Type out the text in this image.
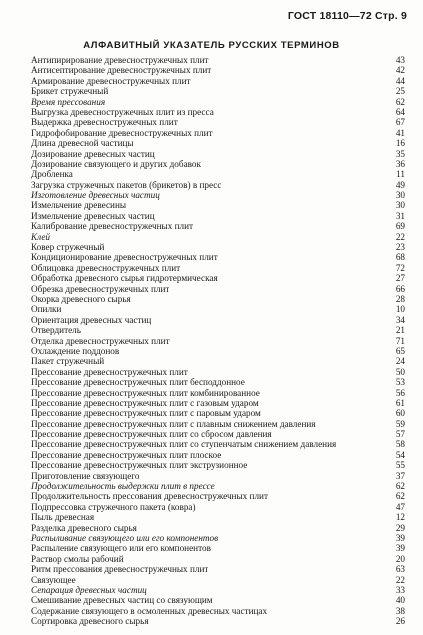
ГОСТ 18110—72 Стр. 9
АЛФАВИТНЫЙ УКАЗАТЕЛЬ РУССКИХ ТЕРМИНОВ
Антипирирование древесностружечных плит	43
Антисептирование древесностружечных плит	42
Армирование древесностружечных плит	44
Брикет стружечный	25
Время прессования	62
Выгрузка древесностружечных плит из пресса	64
Выдержка древесностружечных плит	67
Гидрофобирование древесностружечных плит	41
Длина древесной частицы	16
Дозирование древесных частиц	35
Дозирование связующего и других добавок	36
Дробленка	11
Загрузка стружечных пакетов (брикетов) в пресс	49
Изготовление древесных частиц	30
Измельчение древесины	30
Измельчение древесных частиц	31
Калибрование древесностружечных плит	69
Клей	22
Ковер стружечный	23
Кондиционирование древесностружечных плит	68
Облицовка древесностружечных плит	72
Обработка древесного сырья гидротермическая	27
Обрезка древесностружечных плит	66
Окорка древесного сырья	28
Опилки	10
Ориентация древесных частиц	34
Отвердитель	21
Отделка древесностружечных плит	71
Охлаждение поддонов	65
Пакет стружечный	24
Прессование древесностружечных плит	50
Прессование древесностружечных плит бесподдонное	53
Прессование древесностружечных плит комбинированное	56
Прессование древесностружечных плит с газовым ударом	61
Прессование древесностружечных плит с паровым ударом	60
Прессование древесностружечных плит с плавным снижением давления	59
Прессование древесностружечных плит со сбросом давления	57
Прессование древесностружечных плит со ступенчатым снижением давления	58
Прессование древесностружечных плит плоское	54
Прессование древесностружечных плит экструзионное	55
Приготовление связующего	37
Продолжительность выдержки плит в прессе	62
Продолжительность прессования древесностружечных плит	62
Подпрессовка стружечного пакета (ковра)	47
Пыль древесная	12
Разделка древесного сырья	29
Распыливание связующего или его компонентов	39
Распыление связующего или его компонентов	39
Раствор смолы рабочий	20
Ритм прессования древесностружечных плит	63
Связующее	22
Сепарация древесных частиц	33
Смешивание древесных частиц со связующим	40
Содержание связующего в осмоленных древесных частицах	38
Сортировка древесного сырья	26
